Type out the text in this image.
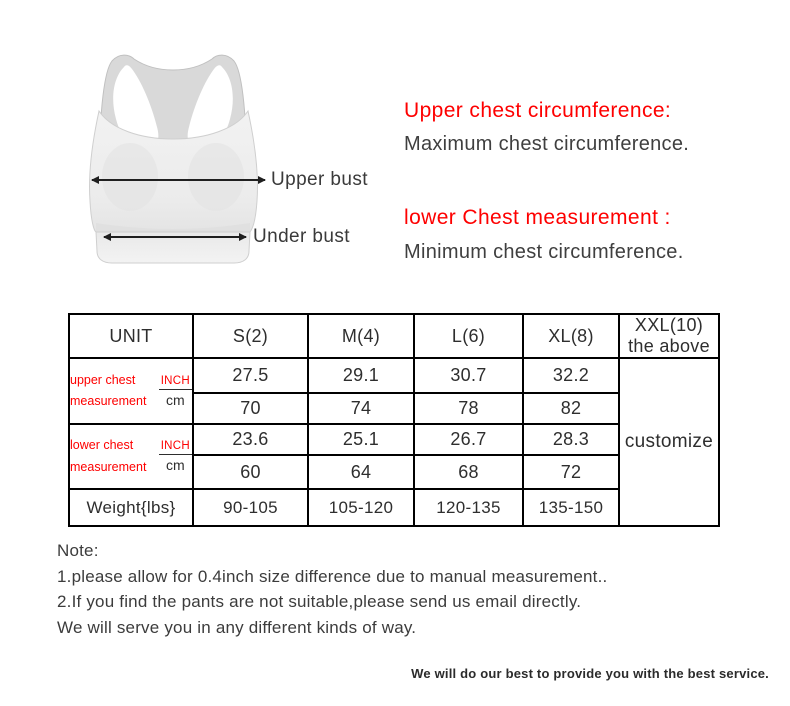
Upper bust
Under bust
Upper chest circumference:
Maximum chest circumference.
lower Chest measurement :
Minimum chest circumference.
UNIT	S(2)	M(4)	L(6)	XL(8)	XXL(10)
the above

upper chest
measurement $\frac{\text{INCH}}{cm}$	27.5	29.1	30.7	32.2	customize
	70	74	78	82	

lower chest
measurement $\frac{\text{INCH}}{cm}$	23.6	25.1	26.7	28.3	
	60	64	68	72	
Weight{lbs}	90-105	105-120	120-135	135-150	
Note:
1.please allow for 0.4inch size difference due to manual measurement..
2.If you find the pants are not suitable,please send us email directly.
We will serve you in any different kinds of way.
We will do our best to provide you with the best service.
